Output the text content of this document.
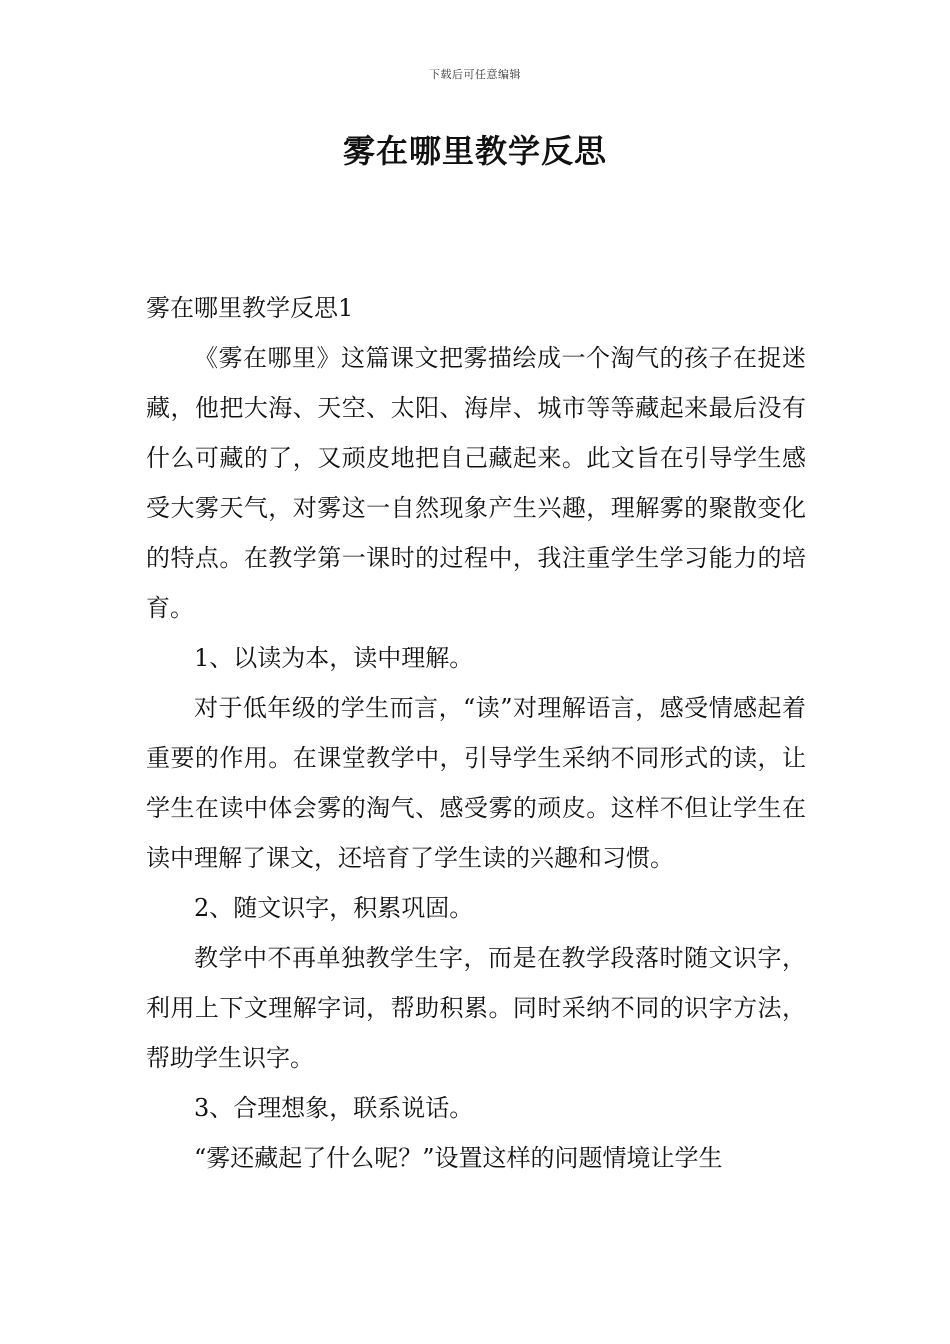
下载后可任意编辑
雾在哪里教学反思

雾在哪里教学反思1

《雾在哪里》这篇课文把雾描绘成一个淘气的孩子在捉迷藏，他把大海、天空、太阳、海岸、城市等等藏起来最后没有什么可藏的了，又顽皮地把自己藏起来。此文旨在引导学生感受大雾天气，对雾这一自然现象产生兴趣，理解雾的聚散变化的特点。在教学第一课时的过程中，我注重学生学习能力的培育。

1、以读为本，读中理解。

对于低年级的学生而言，“读”对理解语言，感受情感起着重要的作用。在课堂教学中，引导学生采纳不同形式的读，让学生在读中体会雾的淘气、感受雾的顽皮。这样不但让学生在读中理解了课文，还培育了学生读的兴趣和习惯。

2、随文识字，积累巩固。

教学中不再单独教学生字，而是在教学段落时随文识字，利用上下文理解字词，帮助积累。同时采纳不同的识字方法，帮助学生识字。

3、合理想象，联系说话。

“雾还藏起了什么呢？”设置这样的问题情境让学生
